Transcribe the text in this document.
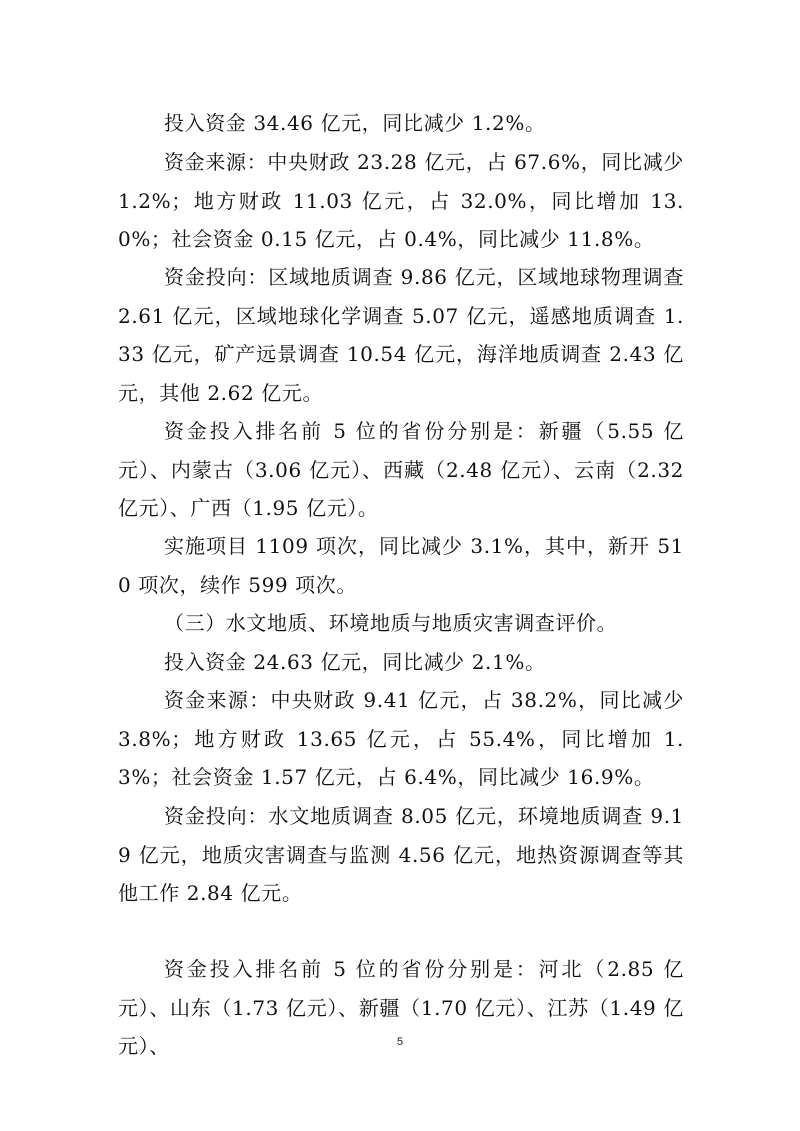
投入资金 34.46 亿元，同比减少 1.2%。

资金来源：中央财政 23.28 亿元，占 67.6%，同比减少 1.2%；地方财政 11.03 亿元，占 32.0%，同比增加 13.0%；社会资金 0.15 亿元，占 0.4%，同比减少 11.8%。

资金投向：区域地质调查 9.86 亿元，区域地球物理调查 2.61 亿元，区域地球化学调查 5.07 亿元，遥感地质调查 1.33 亿元，矿产远景调查 10.54 亿元，海洋地质调查 2.43 亿元，其他 2.62 亿元。

资金投入排名前 5 位的省份分别是：新疆（5.55 亿元）、内蒙古（3.06 亿元）、西藏（2.48 亿元）、云南（2.32 亿元）、广西（1.95 亿元）。

实施项目 1109 项次，同比减少 3.1%，其中，新开 510 项次，续作 599 项次。

（三）水文地质、环境地质与地质灾害调查评价。

投入资金 24.63 亿元，同比减少 2.1%。

资金来源：中央财政 9.41 亿元，占 38.2%，同比减少 3.8%；地方财政 13.65 亿元，占 55.4%，同比增加 1.3%；社会资金 1.57 亿元，占 6.4%，同比减少 16.9%。

资金投向：水文地质调查 8.05 亿元，环境地质调查 9.19 亿元，地质灾害调查与监测 4.56 亿元，地热资源调查等其他工作 2.84 亿元。

资金投入排名前 5 位的省份分别是：河北（2.85 亿元）、山东（1.73 亿元）、新疆（1.70 亿元）、江苏（1.49 亿元）、	5
